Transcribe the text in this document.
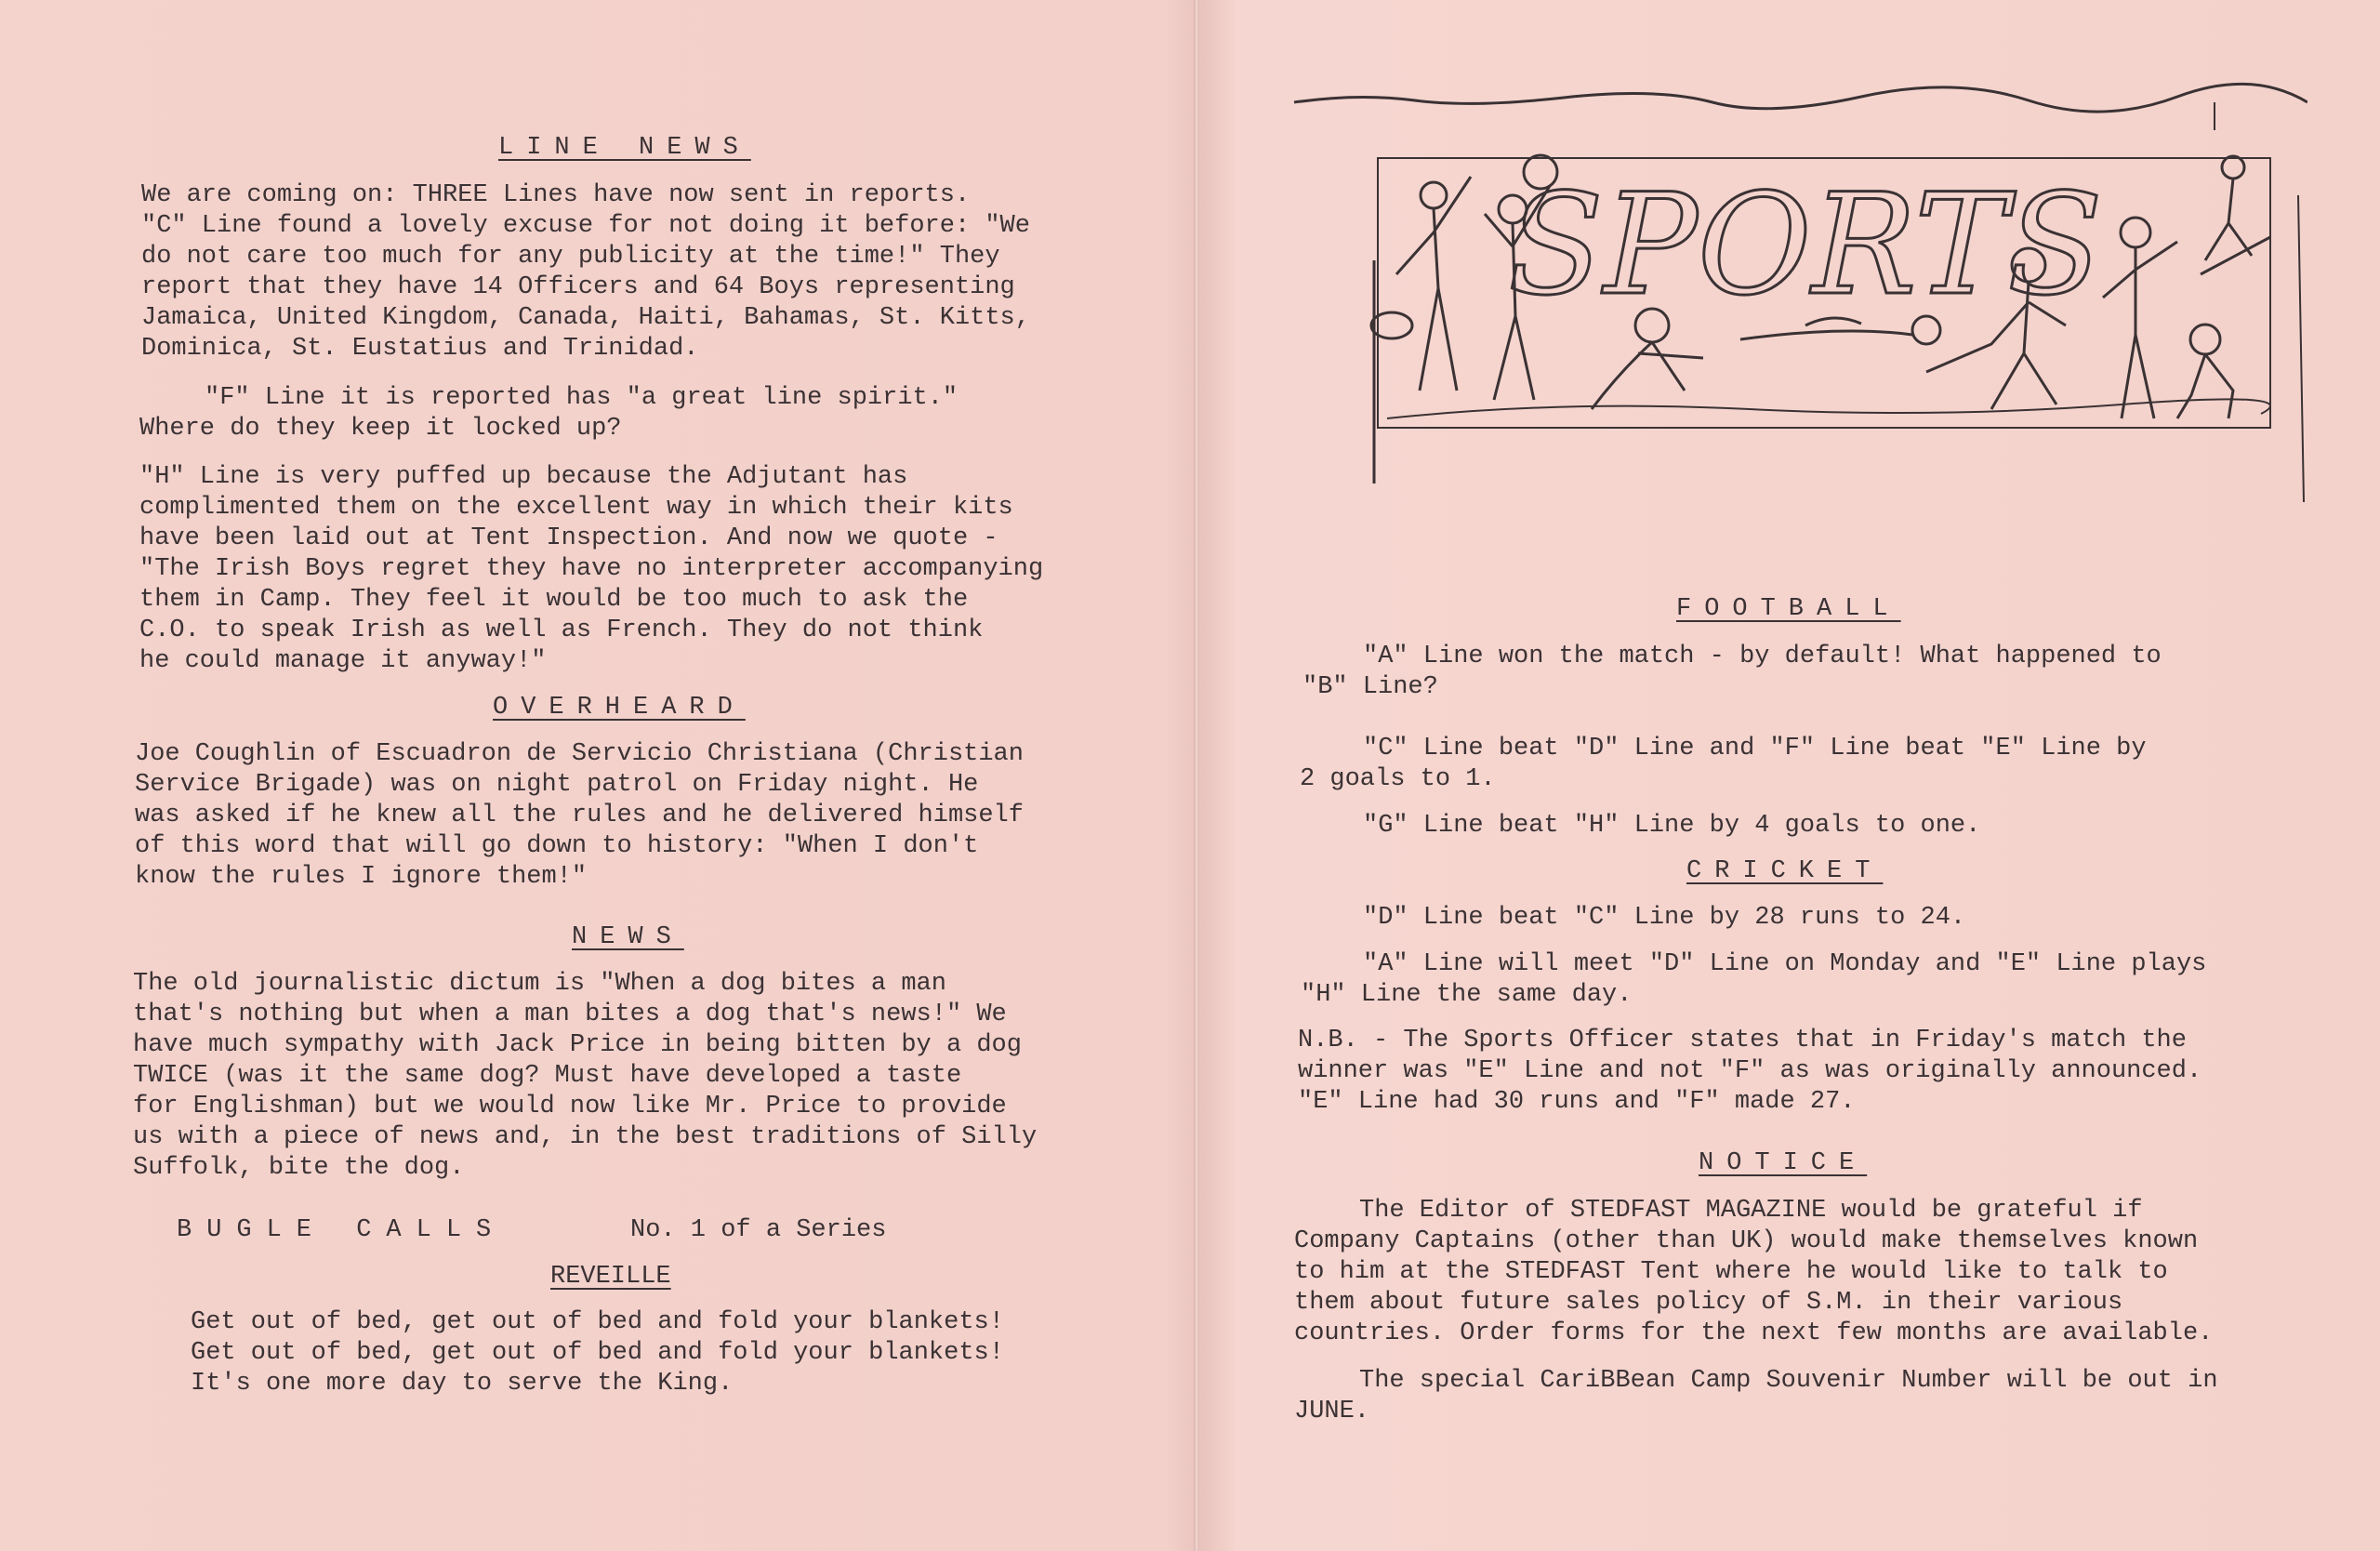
LINE NEWS

We are coming on: THREE Lines have now sent in reports.
"C" Line found a lovely excuse for not doing it before: "We
do not care too much for any publicity at the time!" They
report that they have 14 Officers and 64 Boys representing
Jamaica, United Kingdom, Canada, Haiti, Bahamas, St. Kitts,
Dominica, St. Eustatius and Trinidad.

"F" Line it is reported has "a great line spirit."
Where do they keep it locked up?

"H" Line is very puffed up because the Adjutant has
complimented them on the excellent way in which their kits
have been laid out at Tent Inspection. And now we quote -
"The Irish Boys regret they have no interpreter accompanying
them in Camp. They feel it would be too much to ask the
C.O. to speak Irish as well as French. They do not think
he could manage it anyway!"

OVERHEARD

Joe Coughlin of Escuadron de Servicio Christiana (Christian
Service Brigade) was on night patrol on Friday night. He
was asked if he knew all the rules and he delivered himself
of this word that will go down to history: "When I don't
know the rules I ignore them!"

NEWS

The old journalistic dictum is "When a dog bites a man
that's nothing but when a man bites a dog that's news!" We
have much sympathy with Jack Price in being bitten by a dog
TWICE (was it the same dog? Must have developed a taste
for Englishman) but we would now like Mr. Price to provide
us with a piece of news and, in the best traditions of Silly
Suffolk, bite the dog.

BUGLE CALLS	No. 1 of a Series
REVEILLE

Get out of bed, get out of bed and fold your blankets!
Get out of bed, get out of bed and fold your blankets!
It's one more day to serve the King.

SPORTS
FOOTBALL

"A" Line won the match - by default! What happened to
"B" Line?

"C" Line beat "D" Line and "F" Line beat "E" Line by
2 goals to 1.

"G" Line beat "H" Line by 4 goals to one.

CRICKET

"D" Line beat "C" Line by 28 runs to 24.

"A" Line will meet "D" Line on Monday and "E" Line plays
"H" Line the same day.

N.B. - The Sports Officer states that in Friday's match the
winner was "E" Line and not "F" as was originally announced.
"E" Line had 30 runs and "F" made 27.

NOTICE

The Editor of STEDFAST MAGAZINE would be grateful if
Company Captains (other than UK) would make themselves known
to him at the STEDFAST Tent where he would like to talk to
them about future sales policy of S.M. in their various
countries. Order forms for the next few months are available.

The special CariBBean Camp Souvenir Number will be out in
JUNE.
